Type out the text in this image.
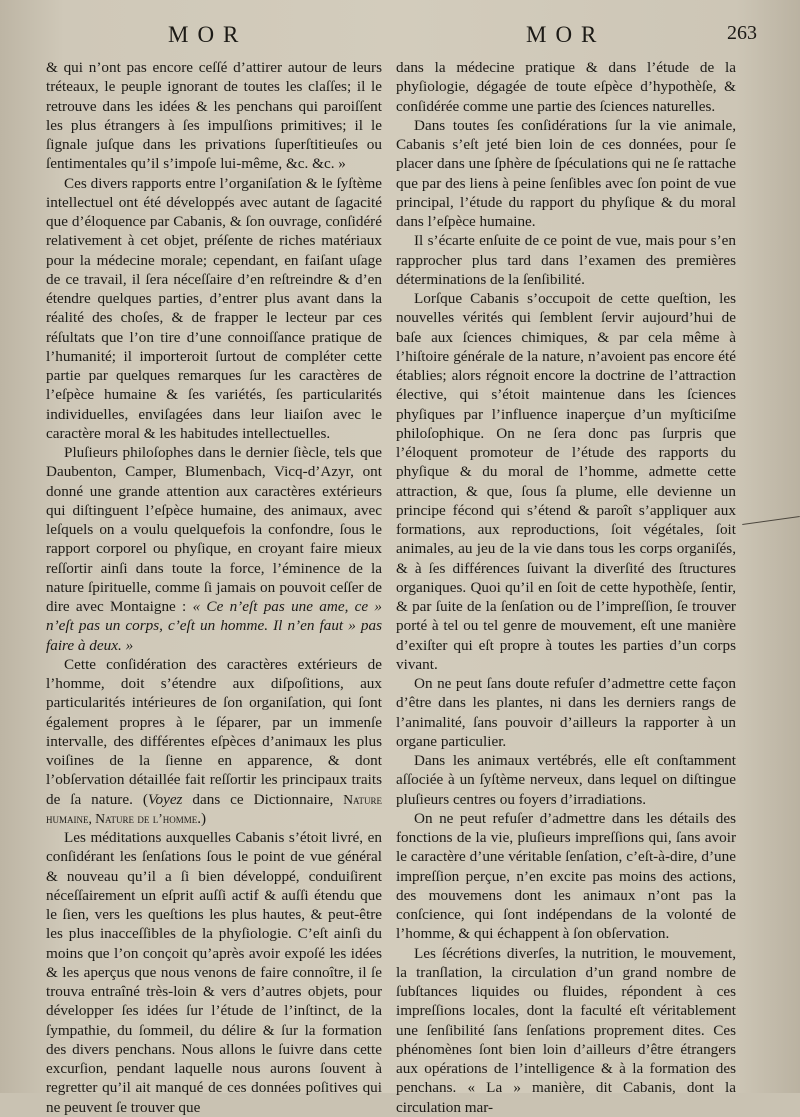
MOR	MOR	263

& qui n’ont pas encore ceſſé d’attirer autour de leurs tréteaux, le peuple ignorant de toutes les claſſes; il le retrouve dans les idées & les penchans qui paroiſſent les plus étrangers à ſes impulſions primitives; il le ſignale juſque dans les privations ſuperſtitieuſes ou ſentimentales qu’il s’impoſe lui-même, &c. &c. »

Ces divers rapports entre l’organiſation & le ſyſtème intellectuel ont été développés avec autant de ſagacité que d’éloquence par Cabanis, & ſon ouvrage, conſidéré relativement à cet objet, préſente de riches matériaux pour la médecine morale; cependant, en faiſant uſage de ce travail, il ſera néceſſaire d’en reſtreindre & d’en étendre quelques parties, d’entrer plus avant dans la réalité des choſes, & de frapper le lecteur par ces réſultats que l’on tire d’une connoiſſance pratique de l’humanité; il importeroit ſurtout de compléter cette partie par quelques remarques ſur les caractères de l’eſpèce humaine & ſes variétés, ſes particularités individuelles, enviſagées dans leur liaiſon avec le caractère moral & les habitudes intellectuelles.

Pluſieurs philoſophes dans le dernier ſiècle, tels que Daubenton, Camper, Blumenbach, Vicq-d’Azyr, ont donné une grande attention aux caractères extérieurs qui diſtinguent l’eſpèce humaine, des animaux, avec leſquels on a voulu quelquefois la confondre, ſous le rapport corporel ou phyſique, en croyant faire mieux reſſortir ainſi dans toute la force, l’éminence de la nature ſpirituelle, comme ſi jamais on pouvoit ceſſer de dire avec Montaigne : « Ce n’eſt pas une ame, ce » n’eſt pas un corps, c’eſt un homme. Il n’en faut » pas faire à deux. »

Cette conſidération des caractères extérieurs de l’homme, doit s’étendre aux diſpoſitions, aux particularités intérieures de ſon organiſation, qui ſont également propres à le ſéparer, par un immenſe intervalle, des différentes eſpèces d’animaux les plus voiſines de la ſienne en apparence, & dont l’obſervation détaillée fait reſſortir les principaux traits de ſa nature. (Voyez dans ce Dictionnaire, Nature humaine, Nature de l’homme.)

Les méditations auxquelles Cabanis s’étoit livré, en conſidérant les ſenſations ſous le point de vue général & nouveau qu’il a ſi bien développé, conduiſirent néceſſairement un eſprit auſſi actif & auſſi étendu que le ſien, vers les queſtions les plus hautes, & peut-être les plus inacceſſibles de la phyſiologie. C’eſt ainſi du moins que l’on conçoit qu’après avoir expoſé les idées & les aperçus que nous venons de faire connoître, il ſe trouva entraîné très-loin & vers d’autres objets, pour développer ſes idées ſur l’étude de l’inſtinct, de la ſympathie, du ſommeil, du délire & ſur la formation des divers penchans. Nous allons le ſuivre dans cette excurſion, pendant laquelle nous aurons ſouvent à regretter qu’il ait manqué de ces données poſitives qui ne peuvent ſe trouver que

dans la médecine pratique & dans l’étude de la phyſiologie, dégagée de toute eſpèce d’hypothèſe, & conſidérée comme une partie des ſciences naturelles.

Dans toutes ſes conſidérations ſur la vie animale, Cabanis s’eſt jeté bien loin de ces données, pour ſe placer dans une ſphère de ſpéculations qui ne ſe rattache que par des liens à peine ſenſibles avec ſon point de vue principal, l’étude du rapport du phyſique & du moral dans l’eſpèce humaine.

Il s’écarte enſuite de ce point de vue, mais pour s’en rapprocher plus tard dans l’examen des premières déterminations de la ſenſibilité.

Lorſque Cabanis s’occupoit de cette queſtion, les nouvelles vérités qui ſemblent ſervir aujourd’hui de baſe aux ſciences chimiques, & par cela même à l’hiſtoire générale de la nature, n’avoient pas encore été établies; alors régnoit encore la doctrine de l’attraction élective, qui s’étoit maintenue dans les ſciences phyſiques par l’influence inaperçue d’un myſticiſme philoſophique. On ne ſera donc pas ſurpris que l’éloquent promoteur de l’étude des rapports du phyſique & du moral de l’homme, admette cette attraction, & que, ſous ſa plume, elle devienne un principe fécond qui s’étend & paroît s’appliquer aux formations, aux reproductions, ſoit végétales, ſoit animales, au jeu de la vie dans tous les corps organiſés, & à ſes différences ſuivant la diverſité des ſtructures organiques. Quoi qu’il en ſoit de cette hypothèſe, ſentir, & par ſuite de la ſenſation ou de l’impreſſion, ſe trouver porté à tel ou tel genre de mouvement, eſt une manière d’exiſter qui eſt propre à toutes les parties d’un corps vivant.

On ne peut ſans doute refuſer d’admettre cette façon d’être dans les plantes, ni dans les derniers rangs de l’animalité, ſans pouvoir d’ailleurs la rapporter à un organe particulier.

Dans les animaux vertébrés, elle eſt conſtamment aſſociée à un ſyſtème nerveux, dans lequel on diſtingue pluſieurs centres ou foyers d’irradiations.

On ne peut refuſer d’admettre dans les détails des fonctions de la vie, pluſieurs impreſſions qui, ſans avoir le caractère d’une véritable ſenſation, c’eſt-à-dire, d’une impreſſion perçue, n’en excite pas moins des actions, des mouvemens dont les animaux n’ont pas la conſcience, qui ſont indépendans de la volonté de l’homme, & qui échappent à ſon obſervation.

Les ſécrétions diverſes, la nutrition, le mouvement, la tranſlation, la circulation d’un grand nombre de ſubſtances liquides ou fluides, répondent à ces impreſſions locales, dont la faculté eſt véritablement une ſenſibilité ſans ſenſations proprement dites. Ces phénomènes ſont bien loin d’ailleurs d’être étrangers aux opérations de l’intelligence & à la formation des penchans. « La » manière, dit Cabanis, dont la circulation mar-
